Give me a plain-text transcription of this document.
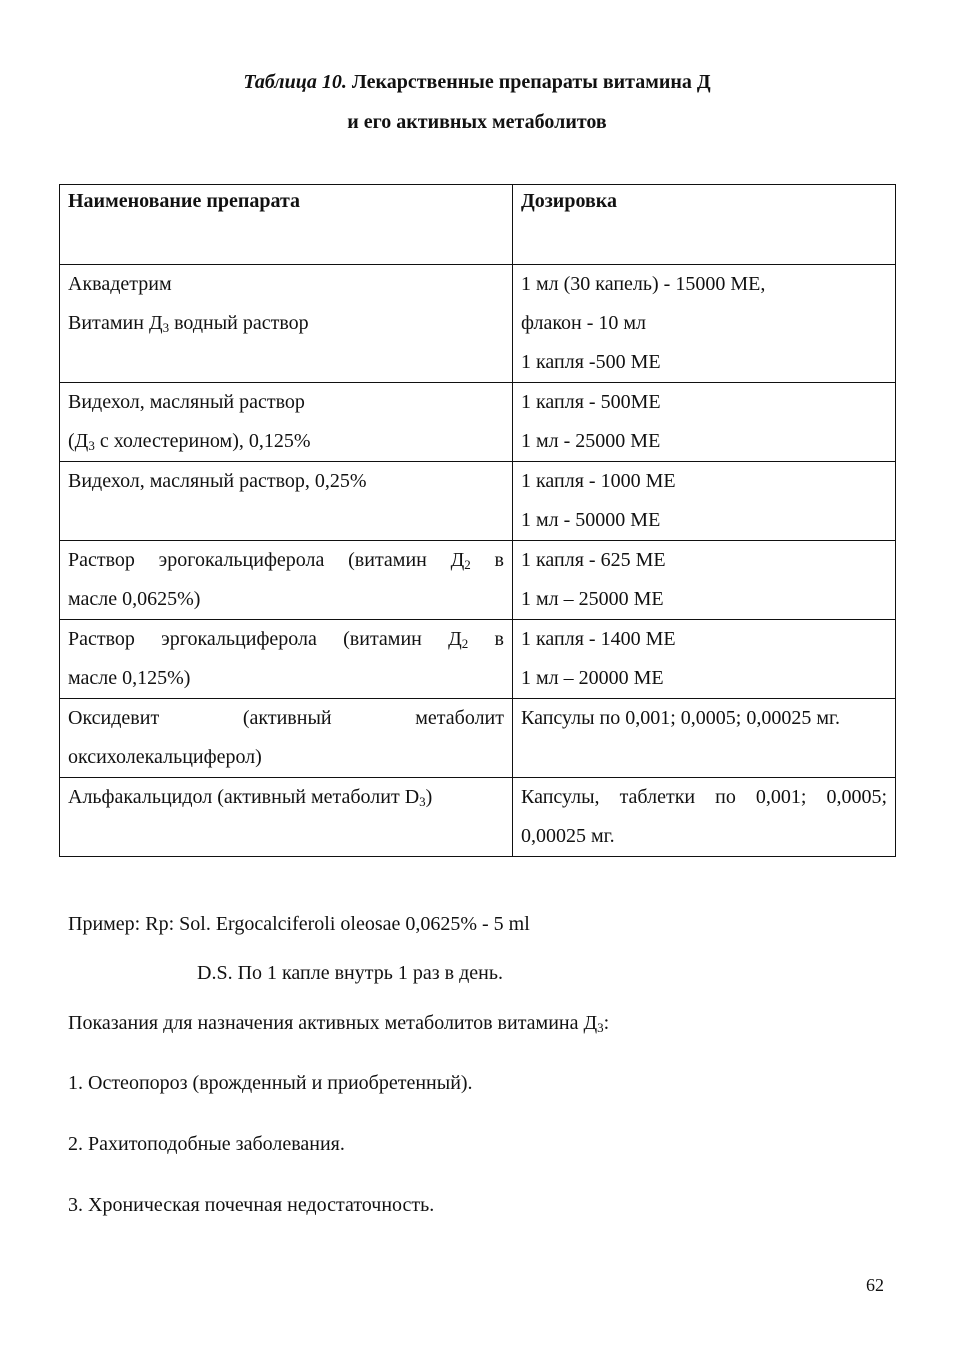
Таблица 10. Лекарственные препараты витамина Д
и его активных метаболитов
Наименование препарата	Дозировка

Аквадетрим
Витамин $Д_3$ водный раствор	1 мл (30 капель) - 15000 МЕ,
флакон - 10 мл
1 капля -500 МЕ

Видехол, масляный раствор
($Д_3$ с холестерином), 0,125%	1 капля - 500МЕ
1 мл - 25000 МЕ

Видехол, масляный раствор, 0,25%	1 капля - 1000 МЕ
1 мл - 50000 МЕ

Раствор эрогокальциферола (витамин $Д_2$ в
масле 0,0625%)	1 капля - 625 МЕ
1 мл – 25000 МЕ

Раствор эргокальциферола (витамин $Д_2$ в
масле 0,125%)	1 капля - 1400 МЕ
1 мл – 20000 МЕ

Оксидевит (активный метаболит
оксихолекальциферол)	Капсулы по 0,001; 0,0005; 0,00025 мг.

Альфакальцидол (активный метаболит $D_3$)	Капсулы, таблетки по 0,001; 0,0005;
0,00025 мг.
Пример: Rp: Sol. Ergocalciferoli oleosae 0,0625% - 5 ml
D.S. По 1 капле внутрь 1 раз в день.
Показания для назначения активных метаболитов витамина $Д_3$:
1. Остеопороз (врожденный и приобретенный).
2. Рахитоподобные заболевания.
3. Хроническая почечная недостаточность.
62
